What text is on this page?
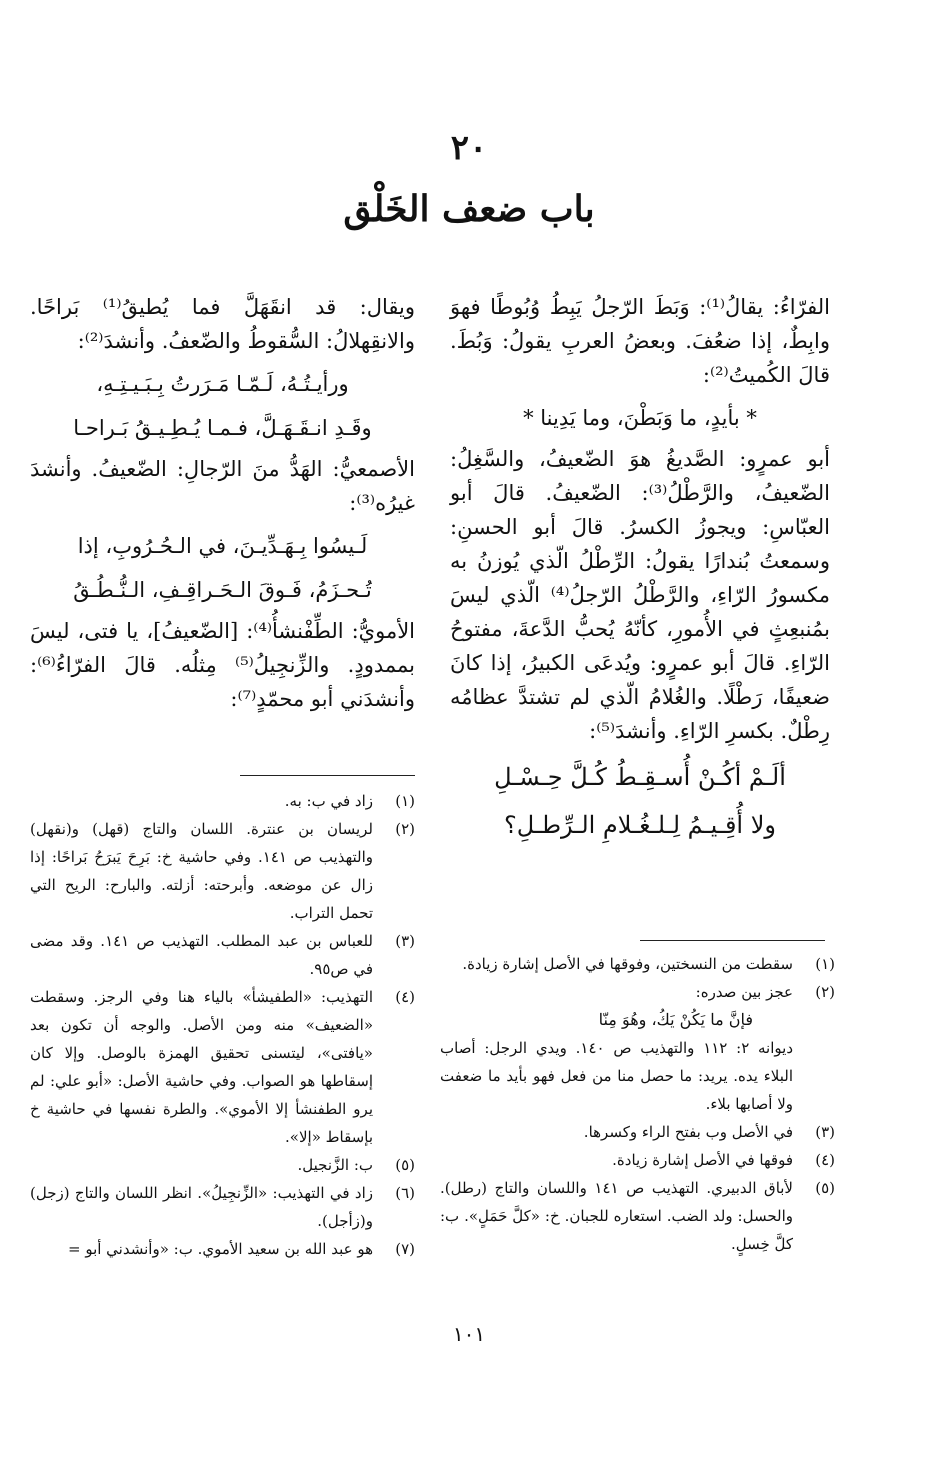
٢٠
باب ضعف الخَلْق

الفرّاءُ: يقالُ⁽¹⁾: وَبَطَ الرّجلُ يَبِطُ وُبُوطًا فهوَ وابِطٌ، إذا ضعُفَ. وبعضُ العربِ يقولُ: وَبُطَ. قالَ الكُميتُ⁽²⁾:

* بأيدٍ، ما وَبَطْنَ، وما يَدِينا *

أبو عمرٍو: الصَّديغُ هوَ الضّعيفُ، والسَّغِلُ: الضّعيفُ، والرَّطْلُ⁽³⁾: الضّعيفُ. قالَ أبو العبّاسِ: ويجوزُ الكسرُ. قالَ أبو الحسنِ: وسمعتُ بُندارًا يقولُ: الرِّطْلُ الّذي يُوزنُ به مكسورُ الرّاءِ، والرَّطْلُ الرّجلُ⁽⁴⁾ الّذي ليسَ بمُنبعِثٍ في الأُمورِ، كأنّهُ يُحبُّ الدَّعةَ، مفتوحُ الرّاءِ. قالَ أبو عمرٍو: ويُدعَى الكبيرُ، إذا كانَ ضعيفًا، رَطْلًا. والغُلامُ الّذي لم تشتدَّ عظامُه رِطْلٌ. بكسرِ الرّاءِ. وأنشدَ⁽⁵⁾:

ألَـمْ أكُـنْ أُسـقِـطُ كُـلَّ حِـسْـلِ

ولا أُقِـيـمُ لِـلـغُـلامِ الـرِّطـلِ؟

ويقال: قد انقَهَلَّ فما يُطيقُ⁽¹⁾ بَراحًا. والانقِهلالُ: السُّقوطُ والضّعفُ. وأنشدَ⁽²⁾:

ورأيـتُـهُ، لَـمّـا مَـرَرتُ بِـبَـيـتِـهِ،

وقَـدِ انـقَـهَـلَّ، فـمـا يُـطِـيـقُ بَـراحـا

الأصمعيُّ: الهَدُّ منَ الرّجالِ: الضّعيفُ. وأنشدَ غيرُه⁽³⁾:

لَـيسُوا بِـهَـدِّيـنَ، في الـحُـرُوبِ، إذا

تُـحـزَمُ، فَـوقَ الـحَـراقِـفِ، الـنُّـطُـقُ

الأمويُّ: الطِّفْنشأُ⁽⁴⁾: [الضّعيفُ]، يا فتى، ليسَ بممدودٍ. والزِّنجِيلُ⁽⁵⁾ مِثلُه. قالَ الفرّاءُ⁽⁶⁾: وأنشدَني أبو محمّدٍ⁽⁷⁾:

(١)
سقطت من النسختين، وفوقها في الأصل إشارة زيادة.
(٢)
عجز بين صدره:
فإنَّ ما يَكُنْ يَكُ، وهُوَ مِنّا
ديوانه ٢: ١١٢ والتهذيب ص ١٤٠. ويدي الرجل: أصاب البلاء يده. يريد: ما حصل منا من فعل فهو بأيد ما ضعفت ولا أصابها بلاء.
(٣)
في الأصل وب بفتح الراء وكسرها.
(٤)
فوقها في الأصل إشارة زيادة.
(٥)
لأباق الدبيري. التهذيب ص ١٤١ واللسان والتاج (رطل). والحسل: ولد الضب. استعاره للجبان. خ: «كلَّ حَمَلٍ». ب: كلَّ خِسلٍ.
(١)
زاد في ب: به.
(٢)
لريسان بن عنترة. اللسان والتاج (قهل) و(نقهل) والتهذيب ص ١٤١. وفي حاشية خ: بَرِحَ يَبرَحُ بَراحًا: إذا زال عن موضعه. وأبرحته: أزلته. والبارح: الريح التي تحمل التراب.
(٣)
للعباس بن عبد المطلب. التهذيب ص ١٤١. وقد مضى في ص٩٥.
(٤)
التهذيب: «الطفيشأ» بالياء هنا وفي الرجز. وسقطت «الضعيف» منه ومن الأصل. والوجه أن تكون بعد «يافتى»، ليتسنى تحقيق الهمزة بالوصل. وإلا كان إسقاطها هو الصواب. وفي حاشية الأصل: «أبو علي: لم يرو الطفنشأ إلا الأموي». والطرة نفسها في حاشية خ بإسقاط «إلا».
(٥)
ب: الزَّنجيل.
(٦)
زاد في التهذيب: «الزِّنجِيلُ». انظر اللسان والتاج (زجل) و(زأجل).
(٧)
هو عبد الله بن سعيد الأموي. ب: «وأنشدني أبو =
١٠١
